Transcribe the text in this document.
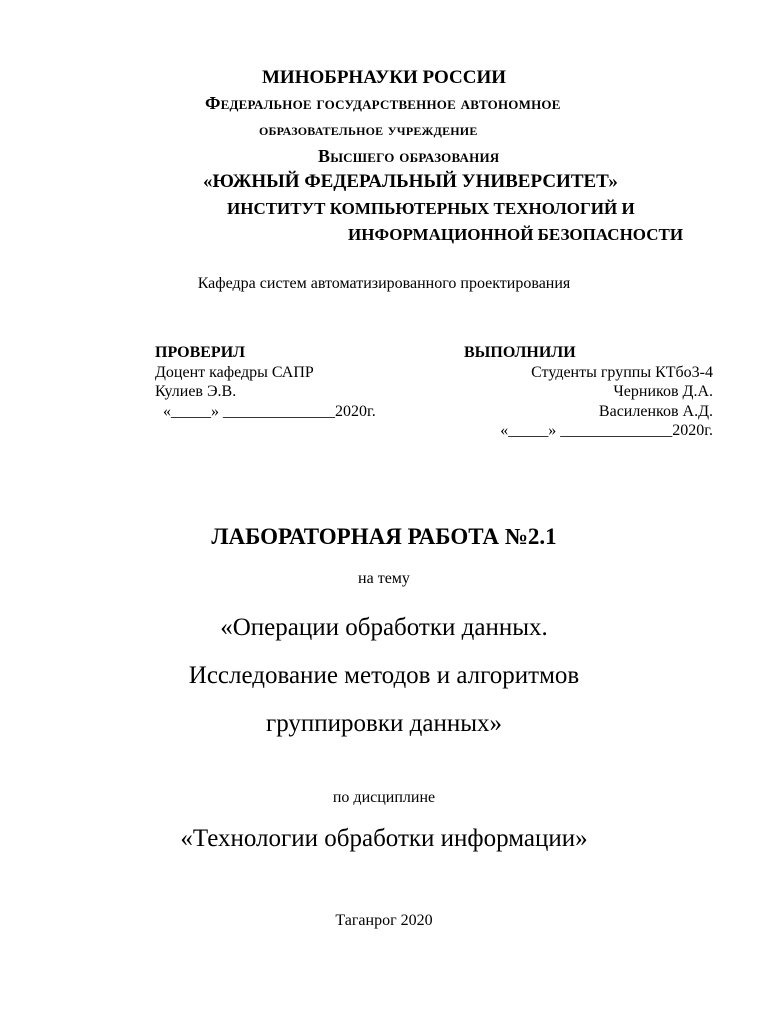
МИНОБРНАУКИ РОССИИ
Федеральное государственное автономное
образовательное учреждение
Высшего образования
«ЮЖНЫЙ ФЕДЕРАЛЬНЫЙ УНИВЕРСИТЕТ»
ИНСТИТУТ КОМПЬЮТЕРНЫХ ТЕХНОЛОГИЙ И
ИНФОРМАЦИОННОЙ БЕЗОПАСНОСТИ
Кафедра систем автоматизированного проектирования
ПРОВЕРИЛ
Доцент кафедры САПР
Кулиев Э.В.
«_____» ______________2020г.
ВЫПОЛНИЛИ
Студенты группы КТбо3-4
Черников Д.А.
Василенков А.Д.
«_____» ______________2020г.
ЛАБОРАТОРНАЯ РАБОТА №2.1
на тему
«Операции обработки данных.
Исследование методов и алгоритмов
группировки данных»
по дисциплине
«Технологии обработки информации»
Таганрог 2020
